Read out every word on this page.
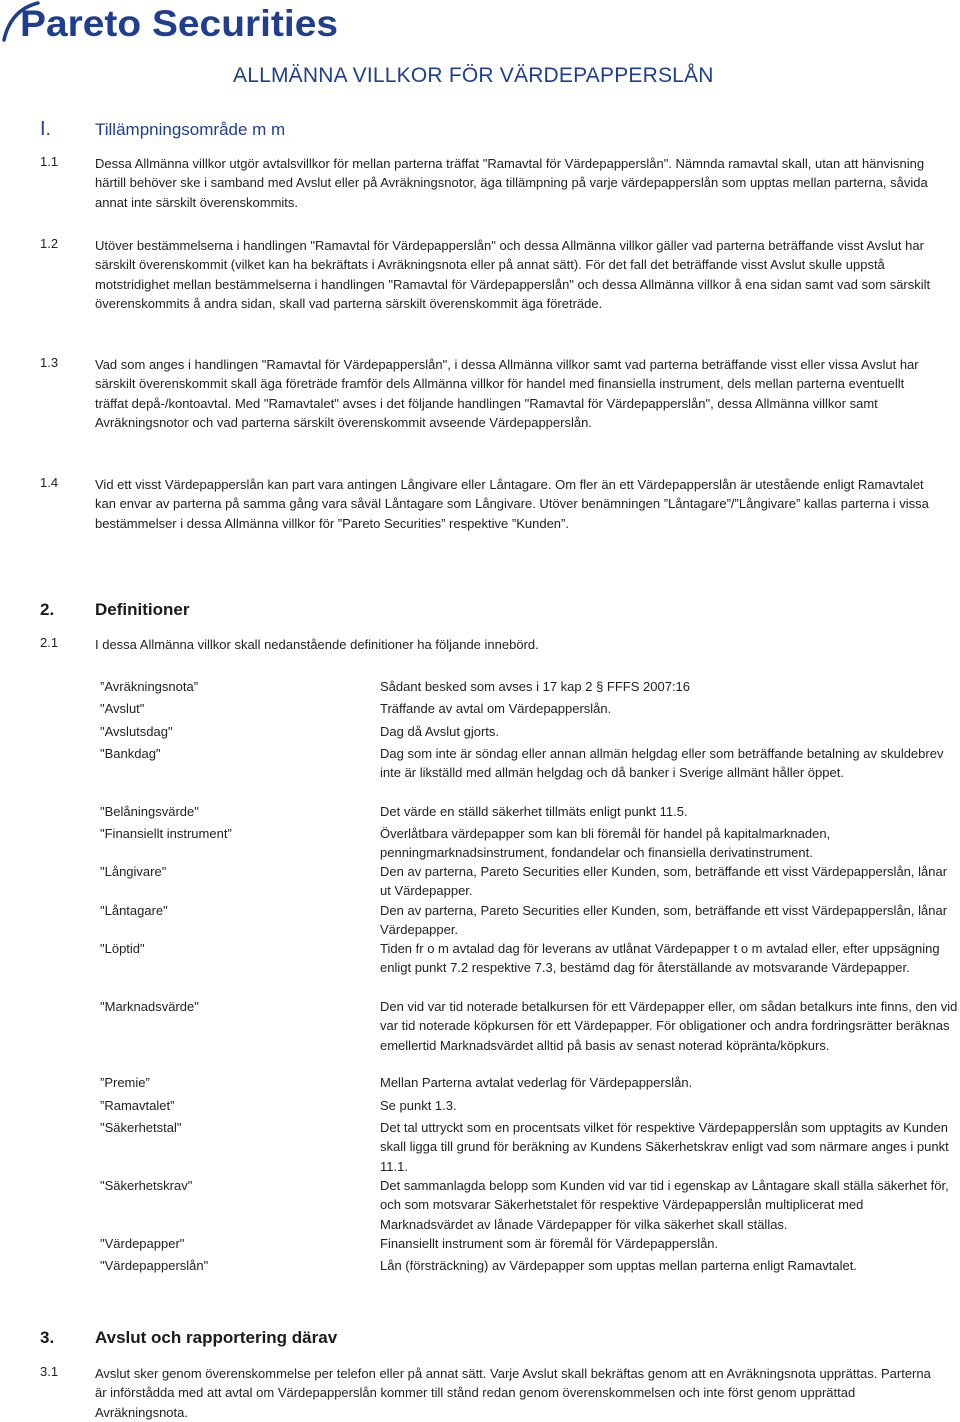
Pareto Securities
ALLMÄNNA VILLKOR FÖR VÄRDEPAPPERSLÅN
I.	Tillämpningsområde m m
1.1	Dessa Allmänna villkor utgör avtalsvillkor för mellan parterna träffat "Ramavtal för Värdepapperslån". Nämnda ramavtal skall, utan att hänvisning härtill behöver ske i samband med Avslut eller på Avräkningsnotor, äga tillämpning på varje värdepapperslån som upptas mellan parterna, såvida annat inte särskilt överenskommits.

1.2	Utöver bestämmelserna i handlingen "Ramavtal för Värdepapperslån" och dessa Allmänna villkor gäller vad parterna beträffande visst Avslut har särskilt överenskommit (vilket kan ha bekräftats i Avräkningsnota eller på annat sätt). För det fall det beträffande visst Avslut skulle uppstå motstridighet mellan bestämmelserna i handlingen "Ramavtal för Värdepapperslån" och dessa Allmänna villkor å ena sidan samt vad som särskilt överenskommits å andra sidan, skall vad parterna särskilt överenskommit äga företräde.

1.3	Vad som anges i handlingen "Ramavtal för Värdepapperslån", i dessa Allmänna villkor samt vad parterna beträffande visst eller vissa Avslut har särskilt överenskommit skall äga företräde framför dels Allmänna villkor för handel med finansiella instrument, dels mellan parterna eventuellt träffat depå-/kontoavtal. Med "Ramavtalet" avses i det följande handlingen "Ramavtal för Värdepapperslån", dessa Allmänna villkor samt Avräkningsnotor och vad parterna särskilt överenskommit avseende Värdepapperslån.

1.4	Vid ett visst Värdepapperslån kan part vara antingen Långivare eller Låntagare. Om fler än ett Värdepapperslån är utestående enligt Ramavtalet kan envar av parterna på samma gång vara såväl Låntagare som Långivare. Utöver benämningen ”Låntagare”/”Långivare” kallas parterna i vissa bestämmelser i dessa Allmänna villkor för ”Pareto Securities” respektive ”Kunden”.

2. Definitioner
2.1	I dessa Allmänna villkor skall nedanstående definitioner ha följande innebörd.

”Avräkningsnota”	Sådant besked som avses i 17 kap 2 § FFFS 2007:16
"Avslut"	Träffande av avtal om Värdepapperslån.
"Avslutsdag"	Dag då Avslut gjorts.
"Bankdag"	Dag som inte är söndag eller annan allmän helgdag eller som beträffande betalning av skuldebrev inte är likställd med allmän helgdag och då banker i Sverige allmänt håller öppet.
"Belåningsvärde"	Det värde en ställd säkerhet tillmäts enligt punkt 11.5.
"Finansiellt instrument”	Överlåtbara värdepapper som kan bli föremål för handel på kapitalmarknaden, penningmarknadsinstrument, fondandelar och finansiella derivatinstrument.
"Långivare"	Den av parterna, Pareto Securities eller Kunden, som, beträffande ett visst Värdepapperslån, lånar ut Värdepapper.
"Låntagare"	Den av parterna, Pareto Securities eller Kunden, som, beträffande ett visst Värdepapperslån, lånar Värdepapper.
"Löptid"	Tiden fr o m avtalad dag för leverans av utlånat Värdepapper t o m avtalad eller, efter uppsägning enligt punkt 7.2 respektive 7.3, bestämd dag för återställande av motsvarande Värdepapper.
"Marknadsvärde"	Den vid var tid noterade betalkursen för ett Värdepapper eller, om sådan betalkurs inte finns, den vid var tid noterade köpkursen för ett Värdepapper. För obligationer och andra fordringsrätter beräknas emellertid Marknadsvärdet alltid på basis av senast noterad köpränta/köpkurs.
”Premie”	Mellan Parterna avtalat vederlag för Värdepapperslån.
”Ramavtalet”	Se punkt 1.3.
"Säkerhetstal"	Det tal uttryckt som en procentsats vilket för respektive Värdepapperslån som upptagits av Kunden skall ligga till grund för beräkning av Kundens Säkerhetskrav enligt vad som närmare anges i punkt 11.1.
"Säkerhetskrav"	Det sammanlagda belopp som Kunden vid var tid i egenskap av Låntagare skall ställa säkerhet för, och som motsvarar Säkerhetstalet för respektive Värdepapperslån multiplicerat med Marknadsvärdet av lånade Värdepapper för vilka säkerhet skall ställas.
"Värdepapper"	Finansiellt instrument som är föremål för Värdepapperslån.
"Värdepapperslån"	Lån (försträckning) av Värdepapper som upptas mellan parterna enligt Ramavtalet.
3. Avslut och rapportering därav
3.1	Avslut sker genom överenskommelse per telefon eller på annat sätt. Varje Avslut skall bekräftas genom att en Avräkningsnota upprättas. Parterna är införstådda med att avtal om Värdepapperslån kommer till stånd redan genom överenskommelsen och inte först genom upprättad Avräkningsnota.
